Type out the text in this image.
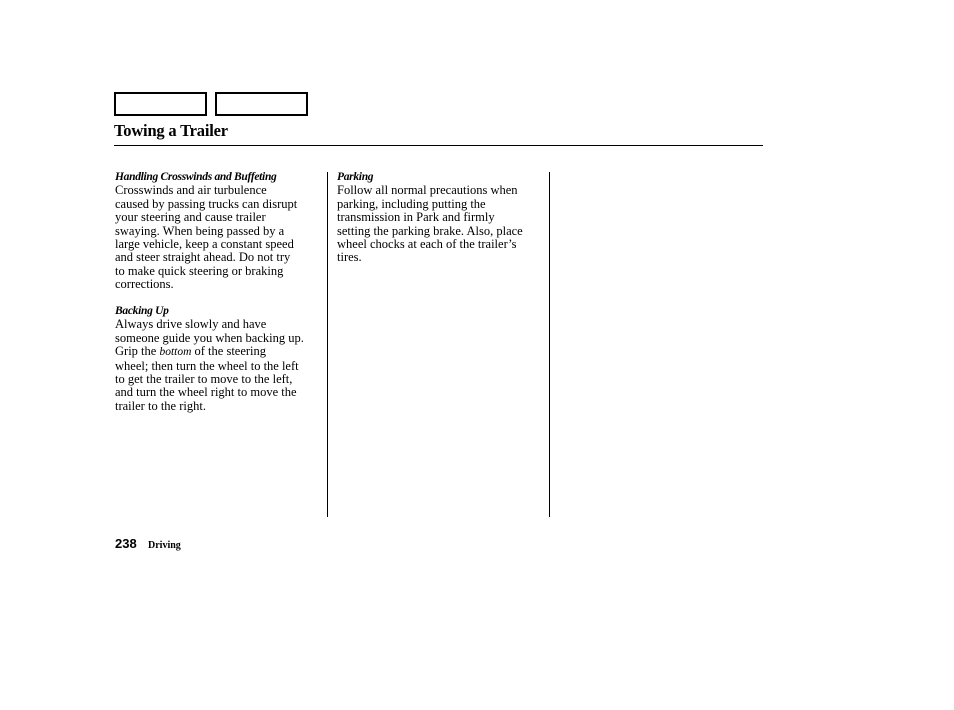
Towing a Trailer

Handling Crosswinds and Buffeting

Crosswinds and air turbulence
caused by passing trucks can disrupt
your steering and cause trailer
swaying. When being passed by a
large vehicle, keep a constant speed
and steer straight ahead. Do not try
to make quick steering or braking
corrections.

Backing Up

Always drive slowly and have
someone guide you when backing up.
Grip the bottom of the steering
wheel; then turn the wheel to the left
to get the trailer to move to the left,
and turn the wheel right to move the
trailer to the right.

Parking

Follow all normal precautions when
parking, including putting the
transmission in Park and firmly
setting the parking brake. Also, place
wheel chocks at each of the trailer’s
tires.

238 Driving
